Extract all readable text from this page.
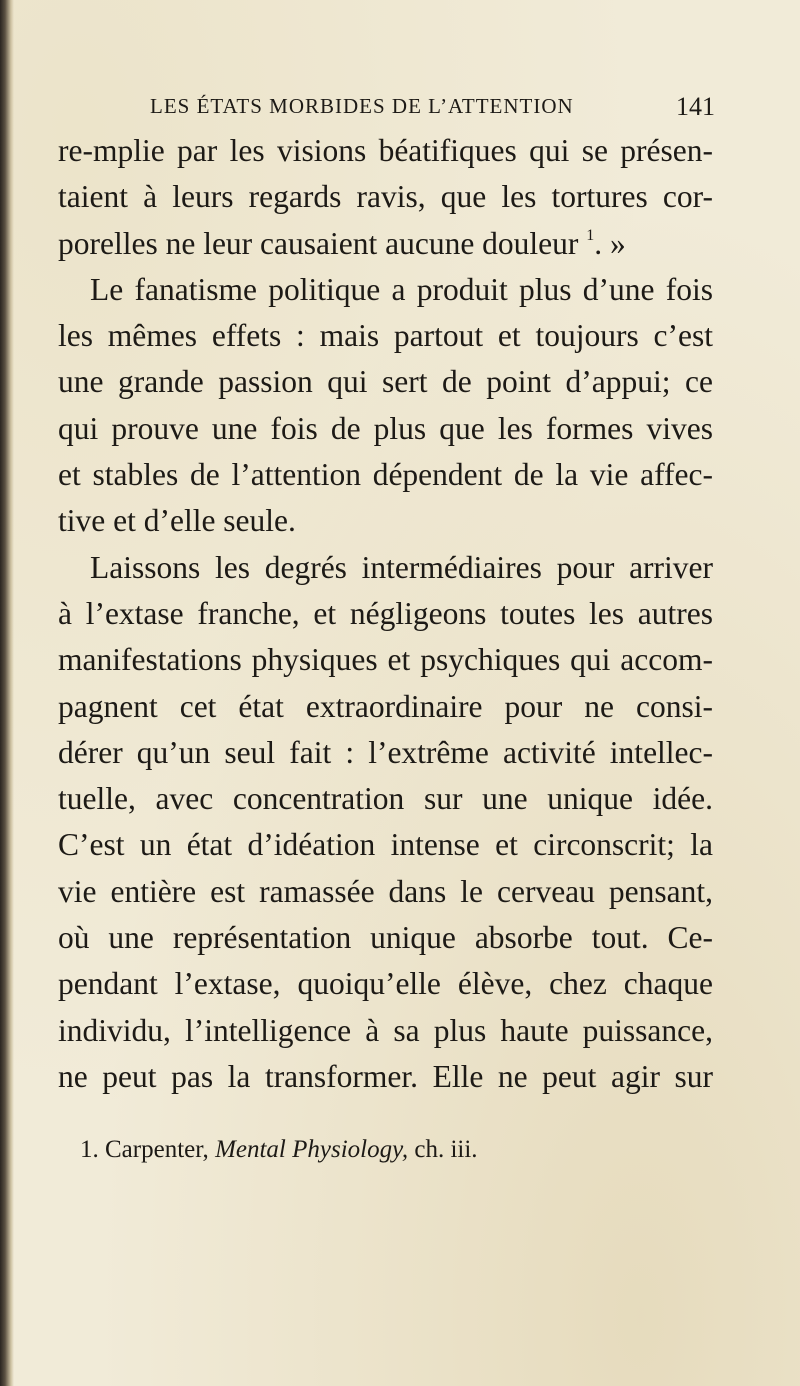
LES ÉTATS MORBIDES DE L’ATTENTION	141
re-mplie par les visions béatifiques qui se présen-
taient à leurs regards ravis, que les tortures cor-
porelles ne leur causaient aucune douleur $^1$. »
Le fanatisme politique a produit plus d’une fois
les mêmes effets : mais partout et toujours c’est
une grande passion qui sert de point d’appui; ce
qui prouve une fois de plus que les formes vives
et stables de l’attention dépendent de la vie affec-
tive et d’elle seule.
Laissons les degrés intermédiaires pour arriver
à l’extase franche, et négligeons toutes les autres
manifestations physiques et psychiques qui accom-
pagnent cet état extraordinaire pour ne consi-
dérer qu’un seul fait : l’extrême activité intellec-
tuelle, avec concentration sur une unique idée.
C’est un état d’idéation intense et circonscrit; la
vie entière est ramassée dans le cerveau pensant,
où une représentation unique absorbe tout. Ce-
pendant l’extase, quoiqu’elle élève, chez chaque
individu, l’intelligence à sa plus haute puissance,
ne peut pas la transformer. Elle ne peut agir sur
1. Carpenter, Mental Physiology, ch. iii.
